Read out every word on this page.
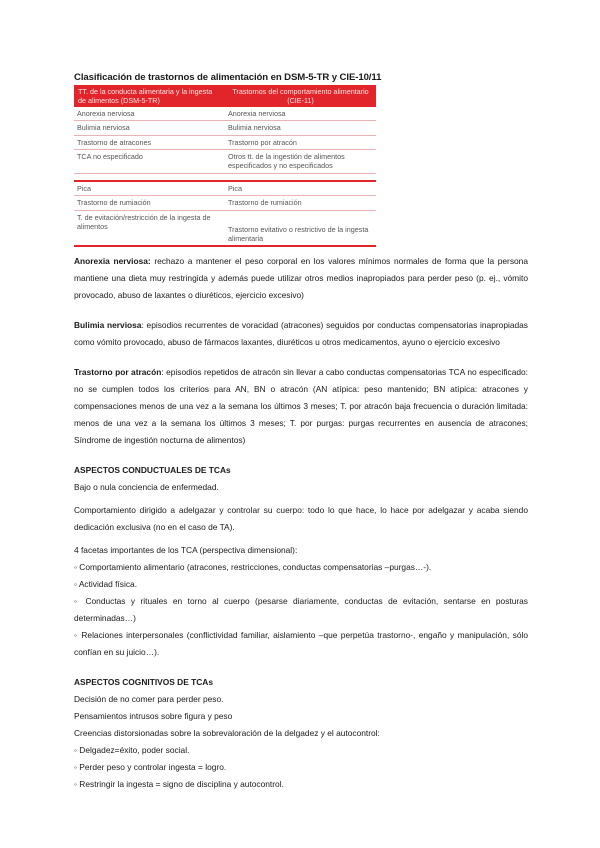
Clasificación de trastornos de alimentación en DSM-5-TR y CIE-10/11
TT. de la conducta alimentaria y la ingesta de alimentos (DSM-5-TR)	Trastornos del comportamiento alimentario
(CIE-11)
Anorexia nerviosa	Anorexia nerviosa
Bulimia nerviosa	Bulimia nerviosa
Trastorno de atracones	Trastorno por atracón
TCA no especificado	Otros tt. de la ingestión de alimentos especificados y no especificados

Pica	Pica
Trastorno de rumiación	Trastorno de rumiación
T. de evitación/restricción de la ingesta de alimentos	Trastorno evitativo o restrictivo de la ingesta alimentaria

Anorexia nerviosa: rechazo a mantener el peso corporal en los valores mínimos normales de forma que la persona mantiene una dieta muy restringida y además puede utilizar otros medios inapropiados para perder peso (p. ej., vómito provocado, abuso de laxantes o diuréticos, ejercicio excesivo)

Bulimia nerviosa: episodios recurrentes de voracidad (atracones) seguidos por conductas compensatorias inapropiadas como vómito provocado, abuso de fármacos laxantes, diuréticos u otros medicamentos, ayuno o ejercicio excesivo

Trastorno por atracón: episodios repetidos de atracón sin llevar a cabo conductas compensatorias TCA no especificado: no se cumplen todos los criterios para AN, BN o atracón (AN atípica: peso mantenido; BN atípica: atracones y compensaciones menos de una vez a la semana los últimos 3 meses; T. por atracón baja frecuencia o duración limitada: menos de una vez a la semana los últimos 3 meses; T. por purgas: purgas recurrentes en ausencia de atracones; Síndrome de ingestión nocturna de alimentos)

ASPECTOS CONDUCTUALES DE TCAs

Bajo o nula conciencia de enfermedad.

Comportamiento dirigido a adelgazar y controlar su cuerpo: todo lo que hace, lo hace por adelgazar y acaba siendo dedicación exclusiva (no en el caso de TA).

4 facetas importantes de los TCA (perspectiva dimensional):

◦ Comportamiento alimentario (atracones, restricciones, conductas compensatorias –purgas…-).

◦ Actividad física.

◦ Conductas y rituales en torno al cuerpo (pesarse diariamente, conductas de evitación, sentarse en posturas determinadas…)

◦ Relaciones interpersonales (conflictividad familiar, aislamiento –que perpetúa trastorno-, engaño y manipulación, sólo confían en su juicio…).

ASPECTOS COGNITIVOS DE TCAs

Decisión de no comer para perder peso.

Pensamientos intrusos sobre figura y peso

Creencias distorsionadas sobre la sobrevaloración de la delgadez y el autocontrol:

◦ Delgadez=éxito, poder social.

◦ Perder peso y controlar ingesta = logro.

◦ Restringir la ingesta = signo de disciplina y autocontrol.
